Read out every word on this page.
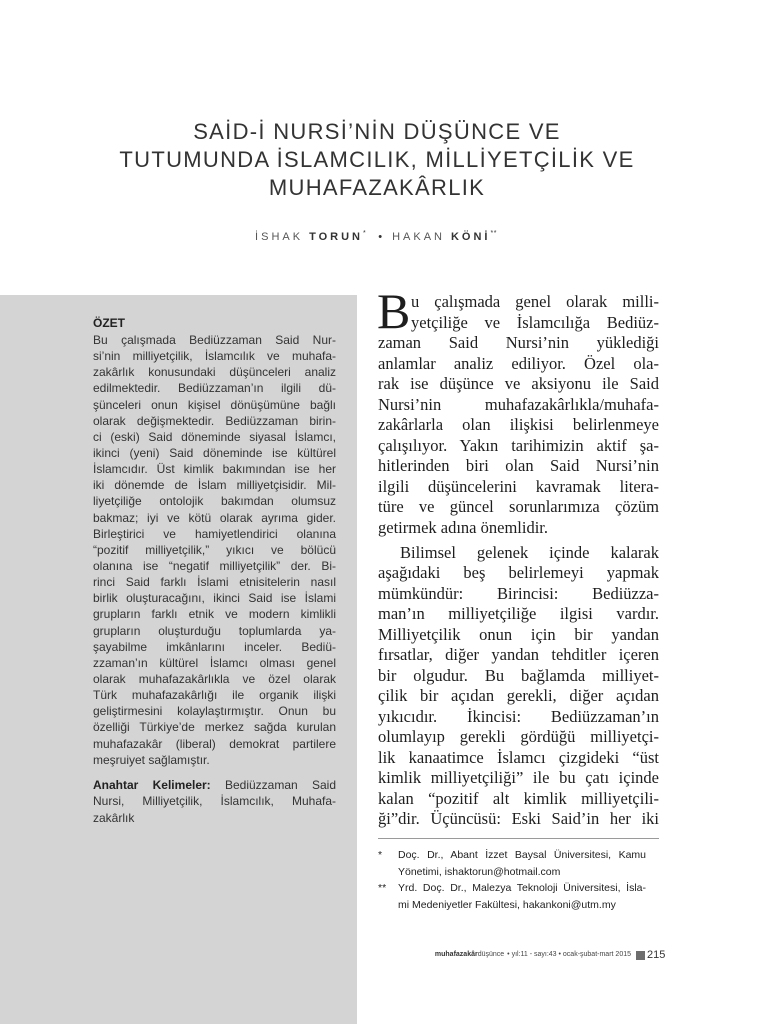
SAİD-İ NURSİ’NİN DÜŞÜNCE VE
TUTUMUNDA İSLAMCILIK, MİLLİYETÇİLİK VE
MUHAFAZAKÂRLIK
İSHAK TORUN* • HAKAN KÖNİ**
ÖZET
Bu çalışmada Bediüzzaman Said Nur-
si’nin milliyetçilik, İslamcılık ve muhafa-
zakârlık konusundaki düşünceleri analiz
edilmektedir. Bediüzzaman’ın ilgili dü-
şünceleri onun kişisel dönüşümüne bağlı
olarak değişmektedir. Bediüzzaman birin-
ci (eski) Said döneminde siyasal İslamcı,
ikinci (yeni) Said döneminde ise kültürel
İslamcıdır. Üst kimlik bakımından ise her
iki dönemde de İslam milliyetçisidir. Mil-
liyetçiliğe ontolojik bakımdan olumsuz
bakmaz; iyi ve kötü olarak ayrıma gider.
Birleştirici ve hamiyetlendirici olanına
“pozitif milliyetçilik,” yıkıcı ve bölücü
olanına ise “negatif milliyetçilik” der. Bi-
rinci Said farklı İslami etnisitelerin nasıl
birlik oluşturacağını, ikinci Said ise İslami
grupların farklı etnik ve modern kimlikli
grupların oluşturduğu toplumlarda ya-
şayabilme imkânlarını inceler. Bediü-
zzaman’ın kültürel İslamcı olması genel
olarak muhafazakârlıkla ve özel olarak
Türk muhafazakârlığı ile organik ilişki
geliştirmesini kolaylaştırmıştır. Onun bu
özelliği Türkiye’de merkez sağda kurulan
muhafazakâr (liberal) demokrat partilere
meşruiyet sağlamıştır.
Anahtar Kelimeler: Bediüzzaman Said
Nursi, Milliyetçilik, İslamcılık, Muhafa-
zakârlık
B u çalışmada genel olarak milli-
yetçiliğe ve İslamcılığa Bediüz-
zaman Said Nursi’nin yüklediği
anlamlar analiz ediliyor. Özel ola-
rak ise düşünce ve aksiyonu ile Said
Nursi’nin muhafazakârlıkla/muhafa-
zakârlarla olan ilişkisi belirlenmeye
çalışılıyor. Yakın tarihimizin aktif şa-
hitlerinden biri olan Said Nursi’nin
ilgili düşüncelerini kavramak litera-
türe ve güncel sorunlarımıza çözüm
getirmek adına önemlidir.
Bilimsel gelenek içinde kalarak
aşağıdaki beş belirlemeyi yapmak
mümkündür: Birincisi: Bediüzza-
man’ın milliyetçiliğe ilgisi vardır.
Milliyetçilik onun için bir yandan
fırsatlar, diğer yandan tehditler içeren
bir olgudur. Bu bağlamda milliyet-
çilik bir açıdan gerekli, diğer açıdan
yıkıcıdır. İkincisi: Bediüzzaman’ın
olumlayıp gerekli gördüğü milliyetçi-
lik kanaatimce İslamcı çizgideki “üst
kimlik milliyetçiliği” ile bu çatı içinde
kalan “pozitif alt kimlik milliyetçili-
ği”dir. Üçüncüsü: Eski Said’in her iki
*	Doç. Dr., Abant İzzet Baysal Üniversitesi, Kamu
Yönetimi, ishaktorun@hotmail.com
**	Yrd. Doç. Dr., Malezya Teknoloji Üniversitesi, İsla-
mi Medeniyetler Fakültesi, hakankoni@utm.my
muhafazakârdüşünce • yıl:11 - sayı:43 • ocak-şubat-mart 2015 215
